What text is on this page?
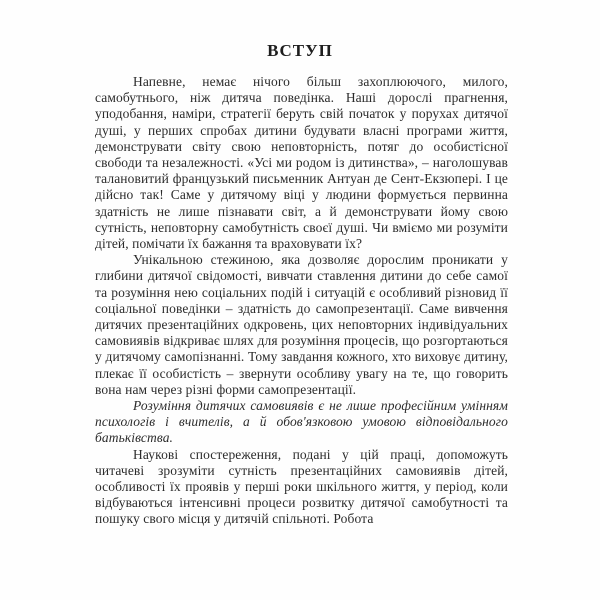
ВСТУП

Напевне, немає нічого більш захоплюючого, милого, самобутнього, ніж дитяча поведінка. Наші дорослі прагнення, уподобання, наміри, стратегії беруть свій початок у порухах дитячої душі, у перших спробах дитини будувати власні програми життя, демонструвати світу свою неповторність, потяг до особистісної свободи та незалежності. «Усі ми родом із дитинства», – наголошував талановитий французький письменник Антуан де Сент-Екзюпері. І це дійсно так! Саме у дитячому віці у людини формується первинна здатність не лише пізнавати світ, а й демонструвати йому свою сутність, неповторну самобутність своєї душі. Чи вміємо ми розуміти дітей, помічати їх бажання та враховувати їх?

Унікальною стежиною, яка дозволяє дорослим проникати у глибини дитячої свідомості, вивчати ставлення дитини до себе самої та розуміння нею соціальних подій і ситуацій є особливий різновид її соціальної поведінки – здатність до самопрезентації. Саме вивчення дитячих презентаційних одкровень, цих неповторних індивідуальних самовиявів відкриває шлях для розуміння процесів, що розгортаються у дитячому самопізнанні. Тому завдання кожного, хто виховує дитину, плекає її особистість – звернути особливу увагу на те, що говорить вона нам через різні форми самопрезентації.

Розуміння дитячих самовиявів є не лише професійним умінням психологів і вчителів, а й обов'язковою умовою відповідального батьківства.

Наукові спостереження, подані у цій праці, допоможуть читачеві зрозуміти сутність презентаційних самовиявів дітей, особливості їх проявів у перші роки шкільного життя, у період, коли відбуваються інтенсивні процеси розвитку дитячої самобутності та пошуку свого місця у дитячій спільноті. Робота
